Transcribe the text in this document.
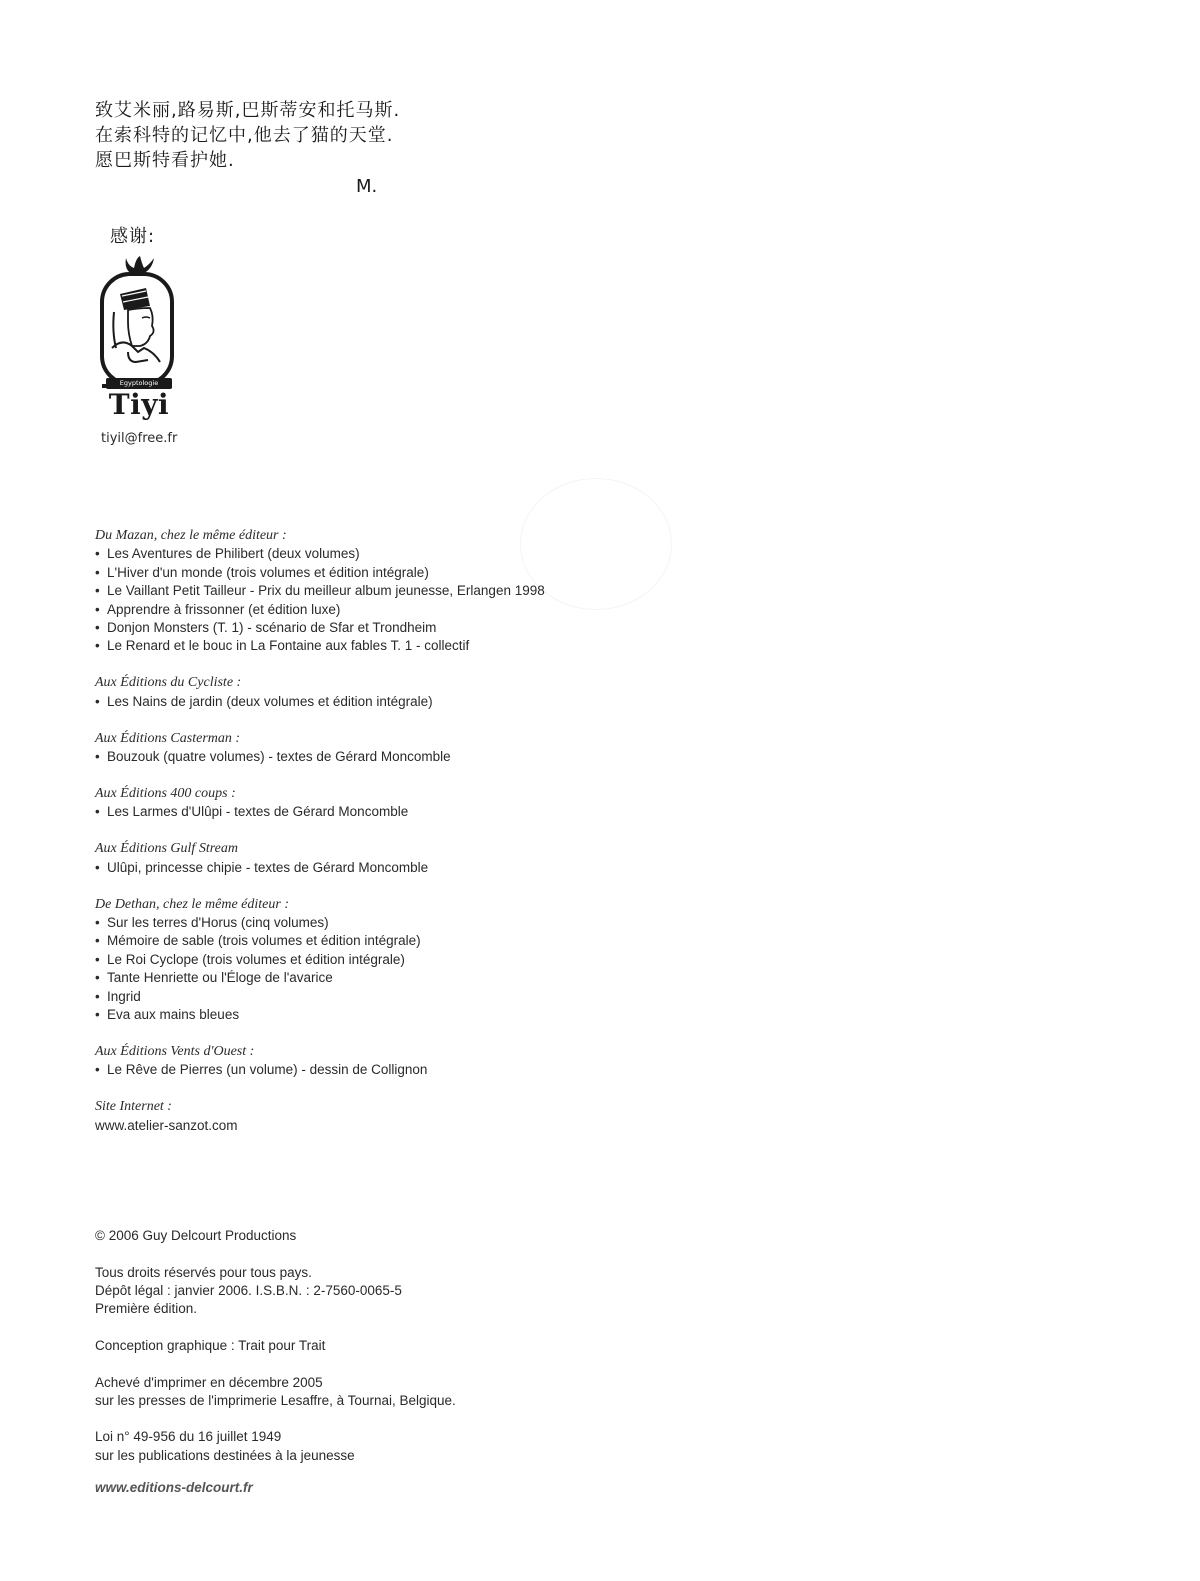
致艾米丽,路易斯,巴斯蒂安和托马斯.
在索科特的记忆中,他去了猫的天堂.
愿巴斯特看护她.
M.
感谢:
Egyptologie
Tiyi
tiyil@free.fr
Du Mazan, chez le même éditeur :
• Les Aventures de Philibert (deux volumes)
• L'Hiver d'un monde (trois volumes et édition intégrale)
• Le Vaillant Petit Tailleur - Prix du meilleur album jeunesse, Erlangen 1998
• Apprendre à frissonner (et édition luxe)
• Donjon Monsters (T. 1) - scénario de Sfar et Trondheim
• Le Renard et le bouc in La Fontaine aux fables T. 1 - collectif
Aux Éditions du Cycliste :
• Les Nains de jardin (deux volumes et édition intégrale)
Aux Éditions Casterman :
• Bouzouk (quatre volumes) - textes de Gérard Moncomble
Aux Éditions 400 coups :
• Les Larmes d'Ulûpi - textes de Gérard Moncomble
Aux Éditions Gulf Stream
• Ulûpi, princesse chipie - textes de Gérard Moncomble
De Dethan, chez le même éditeur :
• Sur les terres d'Horus (cinq volumes)
• Mémoire de sable (trois volumes et édition intégrale)
• Le Roi Cyclope (trois volumes et édition intégrale)
• Tante Henriette ou l'Éloge de l'avarice
• Ingrid
• Eva aux mains bleues
Aux Éditions Vents d'Ouest :
• Le Rêve de Pierres (un volume) - dessin de Collignon
Site Internet :
www.atelier-sanzot.com
© 2006 Guy Delcourt Productions
Tous droits réservés pour tous pays.
Dépôt légal : janvier 2006. I.S.B.N. : 2-7560-0065-5
Première édition.
Conception graphique : Trait pour Trait
Achevé d'imprimer en décembre 2005
sur les presses de l'imprimerie Lesaffre, à Tournai, Belgique.
Loi n° 49-956 du 16 juillet 1949
sur les publications destinées à la jeunesse
www.editions-delcourt.fr
